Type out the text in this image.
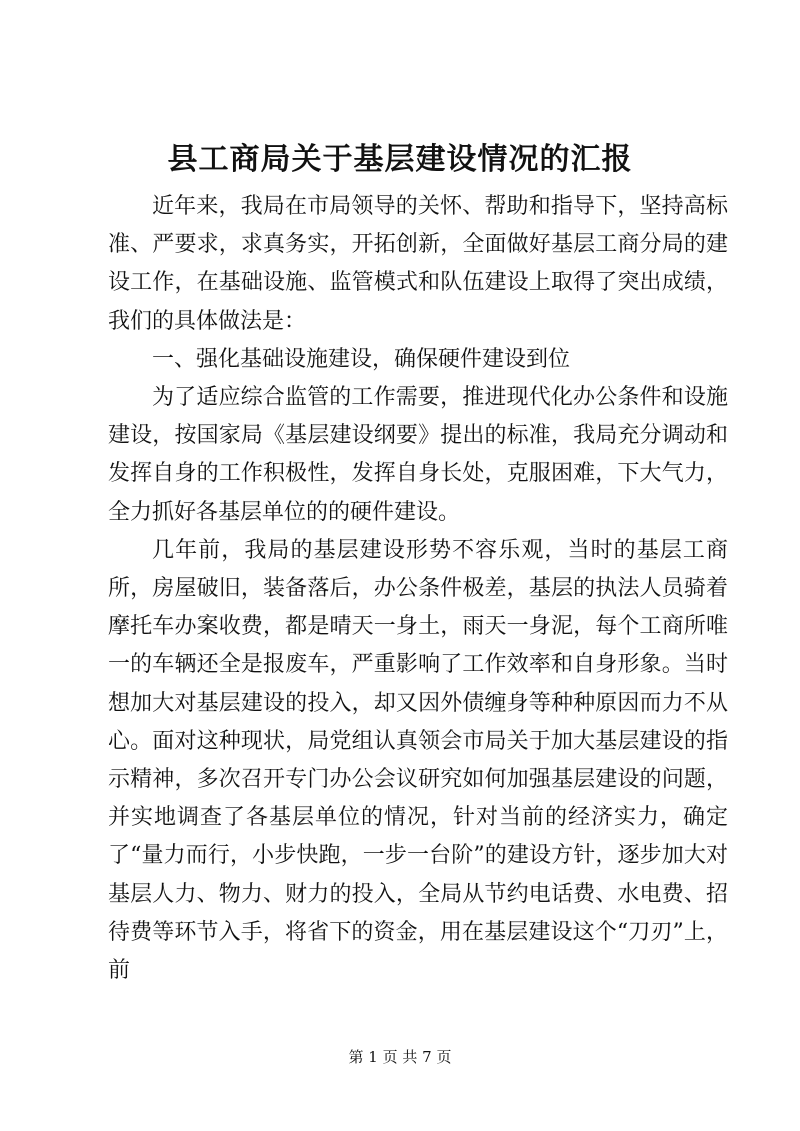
县工商局关于基层建设情况的汇报

近年来，我局在市局领导的关怀、帮助和指导下，坚持高标准、严要求，求真务实，开拓创新，全面做好基层工商分局的建设工作，在基础设施、监管模式和队伍建设上取得了突出成绩，我们的具体做法是：

一、强化基础设施建设，确保硬件建设到位

为了适应综合监管的工作需要，推进现代化办公条件和设施建设，按国家局《基层建设纲要》提出的标准，我局充分调动和发挥自身的工作积极性，发挥自身长处，克服困难，下大气力，全力抓好各基层单位的的硬件建设。

几年前，我局的基层建设形势不容乐观，当时的基层工商所，房屋破旧，装备落后，办公条件极差，基层的执法人员骑着摩托车办案收费，都是晴天一身土，雨天一身泥，每个工商所唯一的车辆还全是报废车，严重影响了工作效率和自身形象。当时想加大对基层建设的投入，却又因外债缠身等种种原因而力不从心。面对这种现状，局党组认真领会市局关于加大基层建设的指示精神，多次召开专门办公会议研究如何加强基层建设的问题，并实地调查了各基层单位的情况，针对当前的经济实力，确定了“量力而行，小步快跑，一步一台阶”的建设方针，逐步加大对基层人力、物力、财力的投入，全局从节约电话费、水电费、招待费等环节入手，将省下的资金，用在基层建设这个“刀刃”上，前

第 1 页 共 7 页
